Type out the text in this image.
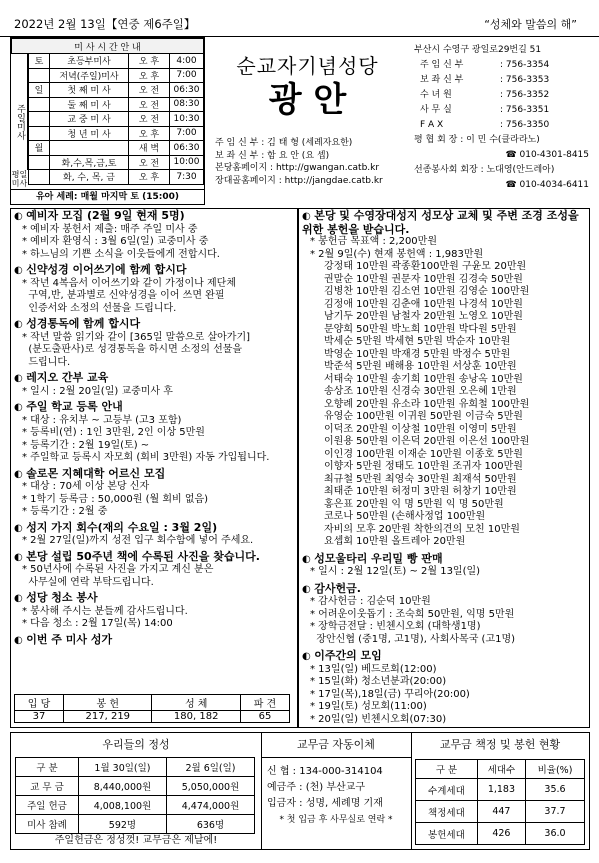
2022년 2월 13일【연중 제6주일】	“성체와 말씀의 해”
미 사 시 간 안 내
주일미사
평일미사
토	초등부미사	오 후	4:00
	저녁(주일)미사	오 후	7:00
일	첫 째 미 사	오 전	06:30
	둘 째 미 사	오 전	08:30
	교 중 미 사	오 전	10:30
	청 년 미 사	오 후	7:00
월		새 벽	06:30
	화,수,목,금,토	오 전	10:00
	화, 수, 목, 금	오 후	7:30
유아 세례: 매월 마지막 토 (15:00)
순교자기념성당
광 안
주 임 신 부 : 김 태 형 (세례자요한)
보 좌 신 부 : 함 요 안 (요 셉)
본당홈페이지 : http://gwangan.catb.kr
장대골홈페이지 : http://jangdae.catb.kr
부산시 수영구 광일로29번길 51
주 임 신 부	: 756-3354
보 좌 신 부	: 756-3353
수 녀 원	: 756-3352
사 무 실	: 756-3351
F A X	: 756-3350
평 협 회 장 : 이 민 수(클라라노)
☎ 010-4301-8415
선종봉사회 회장 : 노대영(안드레아)
☎ 010-4034-6411
◐ 예비자 모집 (2월 9일 현재 5명)

* 예비자 봉헌서 제출: 매주 주일 미사 중

* 예비자 환영식 : 3월 6일(일) 교중미사 중

* 하느님의 기쁜 소식을 이웃들에게 전합시다.

◐ 신약성경 이어쓰기에 함께 합시다

* 작년 4복음서 이어쓰기와 같이 가정이나 제단체

구역,반, 분과별로 신약성경을 이어 쓰면 완필

인증서와 소정의 선물을 드립니다.

◐ 성경통독에 함께 합시다

* 작년 말씀 읽기와 같이 [365일 말씀으로 살아가기]

(분도출판사)로 성경통독을 하시면 소정의 선물을

드립니다.

◐ 레지오 간부 교육

* 일시 : 2월 20일(일) 교중미사 후

◐ 주일 학교 등록 안내

* 대상 : 유치부 ~ 고등부 (고3 포함)

* 등록비(연) : 1인 3만원, 2인 이상 5만원

* 등록기간 : 2월 19일(토) ~

* 주일학교 등록시 자모회 (회비 3만원) 자동 가입됩니다.

◐ 솔로몬 지혜대학 어르신 모집

* 대상 : 70세 이상 본당 신자

* 1학기 등록금 : 50,000원 (월 회비 없음)

* 등록기간 : 2월 중

◐ 성지 가지 회수(재의 수요일 : 3월 2일)

* 2월 27일(일)까지 성전 입구 회수함에 넣어 주세요.

◐ 본당 설립 50주년 책에 수록된 사진을 찾습니다.

* 50년사에 수록된 사진을 가지고 계신 분은

사무실에 연락 부탁드립니다.

◐ 성당 청소 봉사

* 봉사해 주시는 분들께 감사드립니다.

* 다음 청소 : 2월 17일(목) 14:00

◐ 이번 주 미사 성가
입 당	봉 헌	성 체	파 견
37	217, 219	180, 182	65
◐ 본당 및 수영장대성지 성모상 교체 및 주변 조경 조성을 위한 봉헌을 받습니다.

* 봉헌금 목표액 : 2,200만원

* 2월 9일(수) 현재 봉헌액 : 1,983만원

강정태 10만원 곽종환100만원 구윤모 20만원
권말순 10만원 권문자 10만원 김경숙 50만원
김병찬 10만원 김소연 10만원 김영순 100만원
김정애 10만원 김춘애 10만원 나경석 10만원
남기두 20만원 남철자 20만원 노영오 10만원
문양희 50만원 박노희 10만원 박다원 5만원
박세순 5만원 박세현 5만원 박순자 10만원
박영순 10만원 박재경 5만원 박정수 5만원
박준석 5만원 배해용 10만원 서상훈 10만원
서태숙 10만원 송기희 10만원 송낭옥 10만원
송상조 10만원 신경숙 30만원 오은혜 1만원
오향례 20만원 유소라 10만원 유희철 100만원
유영순 100만원 이귀원 50만원 이금숙 5만원
이덕조 20만원 이상철 10만원 이영미 5만원
이원용 50만원 이은덕 20만원 이은선 100만원
이인경 100만원 이재순 10만원 이종호 5만원
이향자 5만원 정태도 10만원 조귀자 100만원
최규철 5만원 최영숙 30만원 최재석 50만원
최태준 10만원 허정미 3만원 허창기 10만원
홍은표 20만원 익 명 5만원 익 명 50만원
코로나 50만원 (손해사정업 100만원
자비의 모후 20만원 착한의견의 모친 10만원
요셉회 10만원 올트레아 20만원
◐ 성모울타리 우리밀 빵 판매

* 일시 : 2월 12일(토) ~ 2월 13일(일)

◐ 감사헌금.

* 감사헌금 : 김순덕 10만원

* 어려운이웃돕기 : 조숙희 50만원, 익명 5만원

* 장학금전달 : 빈첸시오회 (대학생1명)

장안신협 (중1명, 고1명), 사회사목국 (고1명)

◐ 이주간의 모임

* 13일(일) 베드로회(12:00)

* 15일(화) 청소년분과(20:00)

* 17일(목),18일(금) 꾸리아(20:00)

* 19일(토) 성모회(11:00)

* 20일(일) 빈첸시오회(07:30)

우리들의 정성
구 분	1월 30일(일)	2월 6일(일)
교 무 금	8,440,000원	5,050,000원
주일 헌금	4,008,100원	4,474,000원
미사 참례	592명	636명
주일헌금은 정성껏! 교무금은 제날에!
교무금 자동이체
신 협 : 134-000-314104
예금주 : (천) 부산교구
입금자 : 성명, 세례명 기재
* 첫 입금 후 사무실로 연락 *
교무금 책정 및 봉헌 현황
구 분	세대수	비율(%)
수계세대	1,183	35.6
책정세대	447	37.7
봉헌세대	426	36.0
